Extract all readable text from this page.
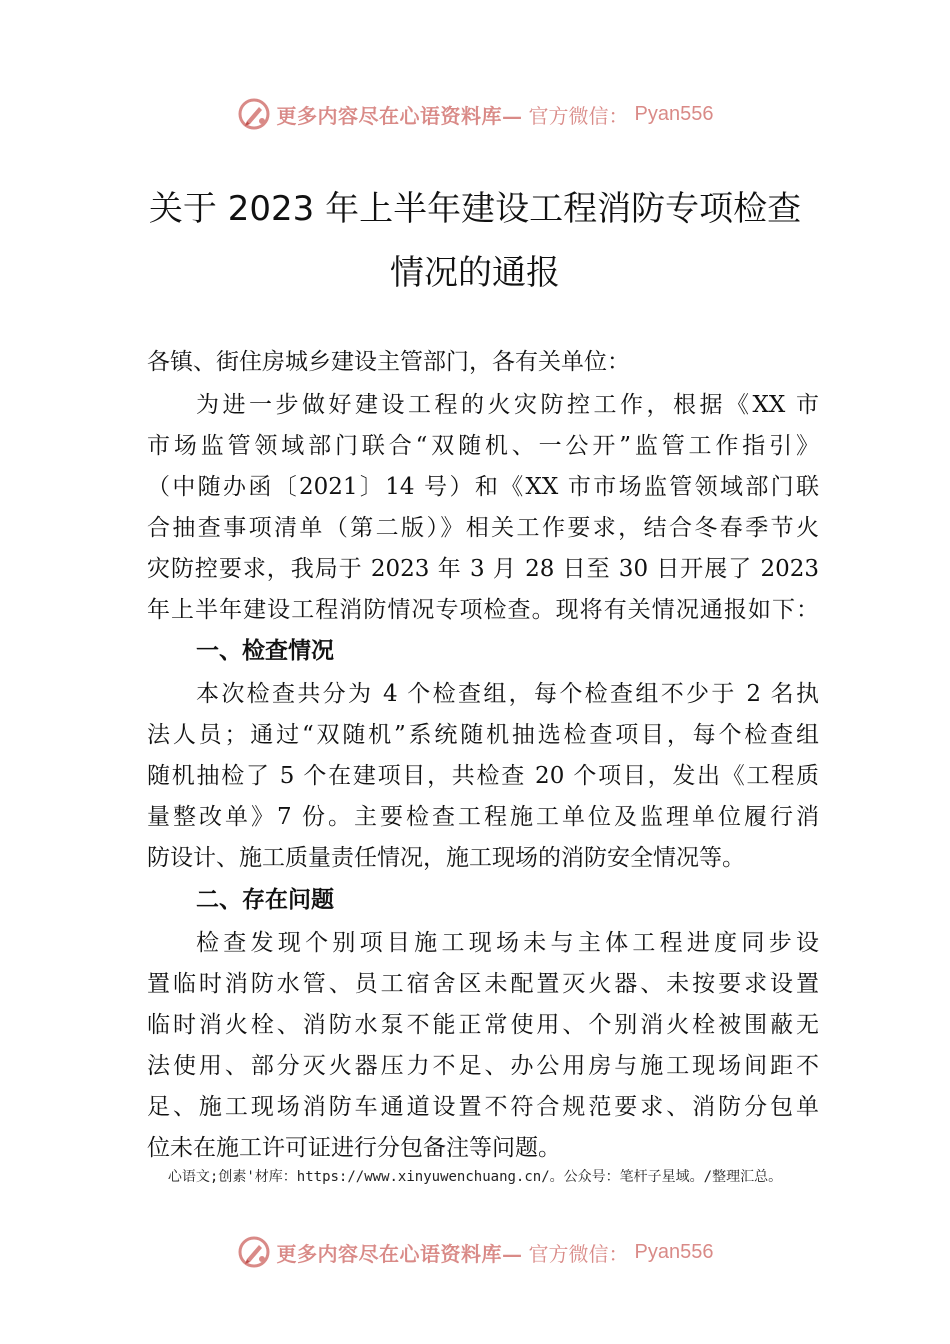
更多内容尽在心语资料库— 官方微信： Pyan556
关于 2023 年上半年建设工程消防专项检查
情况的通报
各镇、街住房城乡建设主管部门，各有关单位：
为进一步做好建设工程的火灾防控工作，根据《XX 市
市场监管领域部门联合“双随机、一公开”监管工作指引》
（中随办函〔2021〕14 号）和《XX 市市场监管领域部门联
合抽查事项清单（第二版）》相关工作要求，结合冬春季节火
灾防控要求，我局于 2023 年 3 月 28 日至 30 日开展了 2023
年上半年建设工程消防情况专项检查。现将有关情况通报如下：
一、检查情况
本次检查共分为 4 个检查组，每个检查组不少于 2 名执
法人员；通过“双随机”系统随机抽选检查项目，每个检查组
随机抽检了 5 个在建项目，共检查 20 个项目，发出《工程质
量整改单》7 份。主要检查工程施工单位及监理单位履行消
防设计、施工质量责任情况，施工现场的消防安全情况等。
二、存在问题
检查发现个别项目施工现场未与主体工程进度同步设
置临时消防水管、员工宿舍区未配置灭火器、未按要求设置
临时消火栓、消防水泵不能正常使用、个别消火栓被围蔽无
法使用、部分灭火器压力不足、办公用房与施工现场间距不
足、施工现场消防车通道设置不符合规范要求、消防分包单
位未在施工许可证进行分包备注等问题。
心语文;创素'材库：https://www.xinyuwenchuang.cn/。公众号：笔杆子星域。/整理汇总。
更多内容尽在心语资料库— 官方微信： Pyan556
